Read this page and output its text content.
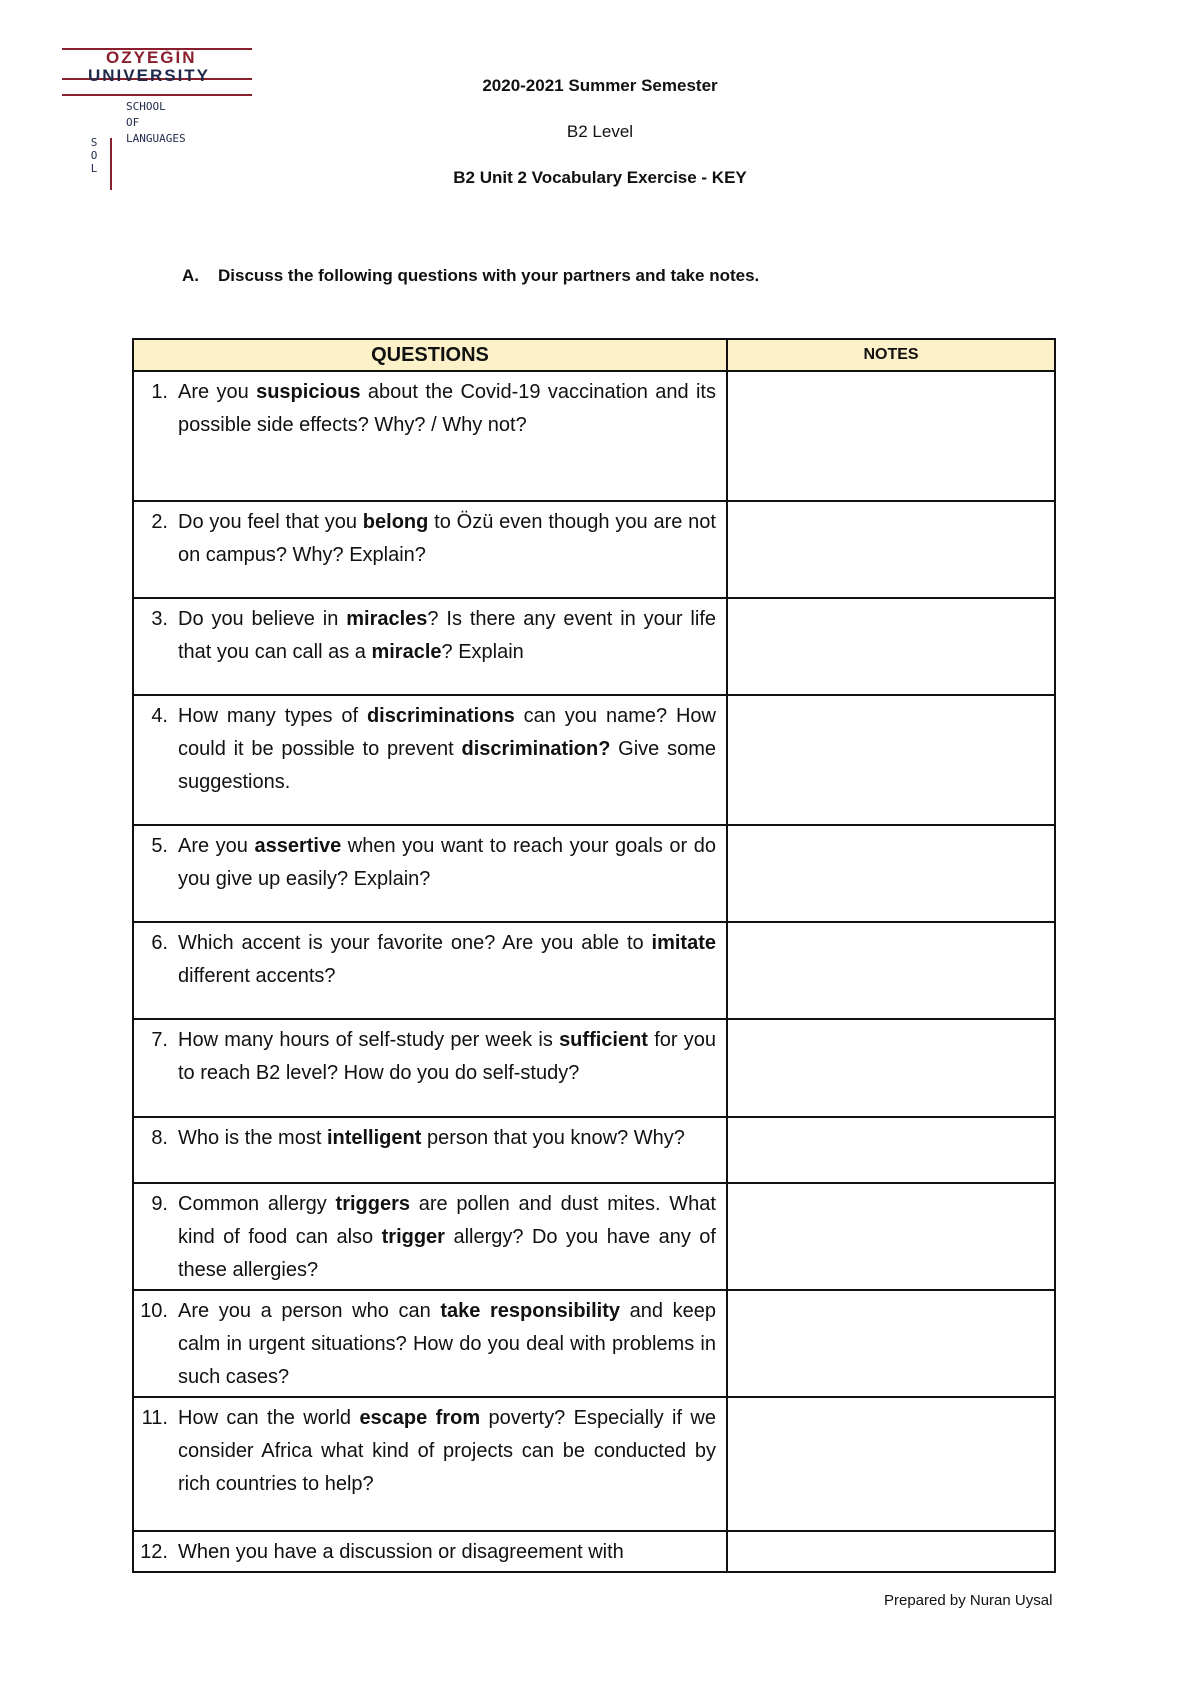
ÖZYEĞİN
UNIVERSITY
S
O
L
SCHOOL
OF
LANGUAGES
2020-2021 Summer Semester
B2 Level
B2 Unit 2 Vocabulary Exercise - KEY
A. Discuss the following questions with your partners and take notes.
QUESTIONS	NOTES

1. Are you suspicious about the Covid-19 vaccination and its possible side effects? Why? / Why not?	

2. Do you feel that you belong to Özü even though you are not on campus? Why? Explain?	

3. Do you believe in miracles? Is there any event in your life that you can call as a miracle? Explain	

4. How many types of discriminations can you name? How could it be possible to prevent discrimination? Give some suggestions.	

5. Are you assertive when you want to reach your goals or do you give up easily? Explain?	

6. Which accent is your favorite one? Are you able to imitate different accents?	

7. How many hours of self-study per week is sufficient for you to reach B2 level? How do you do self-study?	

8. Who is the most intelligent person that you know? Why?	

9. Common allergy triggers are pollen and dust mites. What kind of food can also trigger allergy? Do you have any of these allergies?	

10. Are you a person who can take responsibility and keep calm in urgent situations? How do you deal with problems in such cases?	

11. How can the world escape from poverty? Especially if we consider Africa what kind of projects can be conducted by rich countries to help?	

12. When you have a discussion or disagreement with	

Prepared by Nuran Uysal
